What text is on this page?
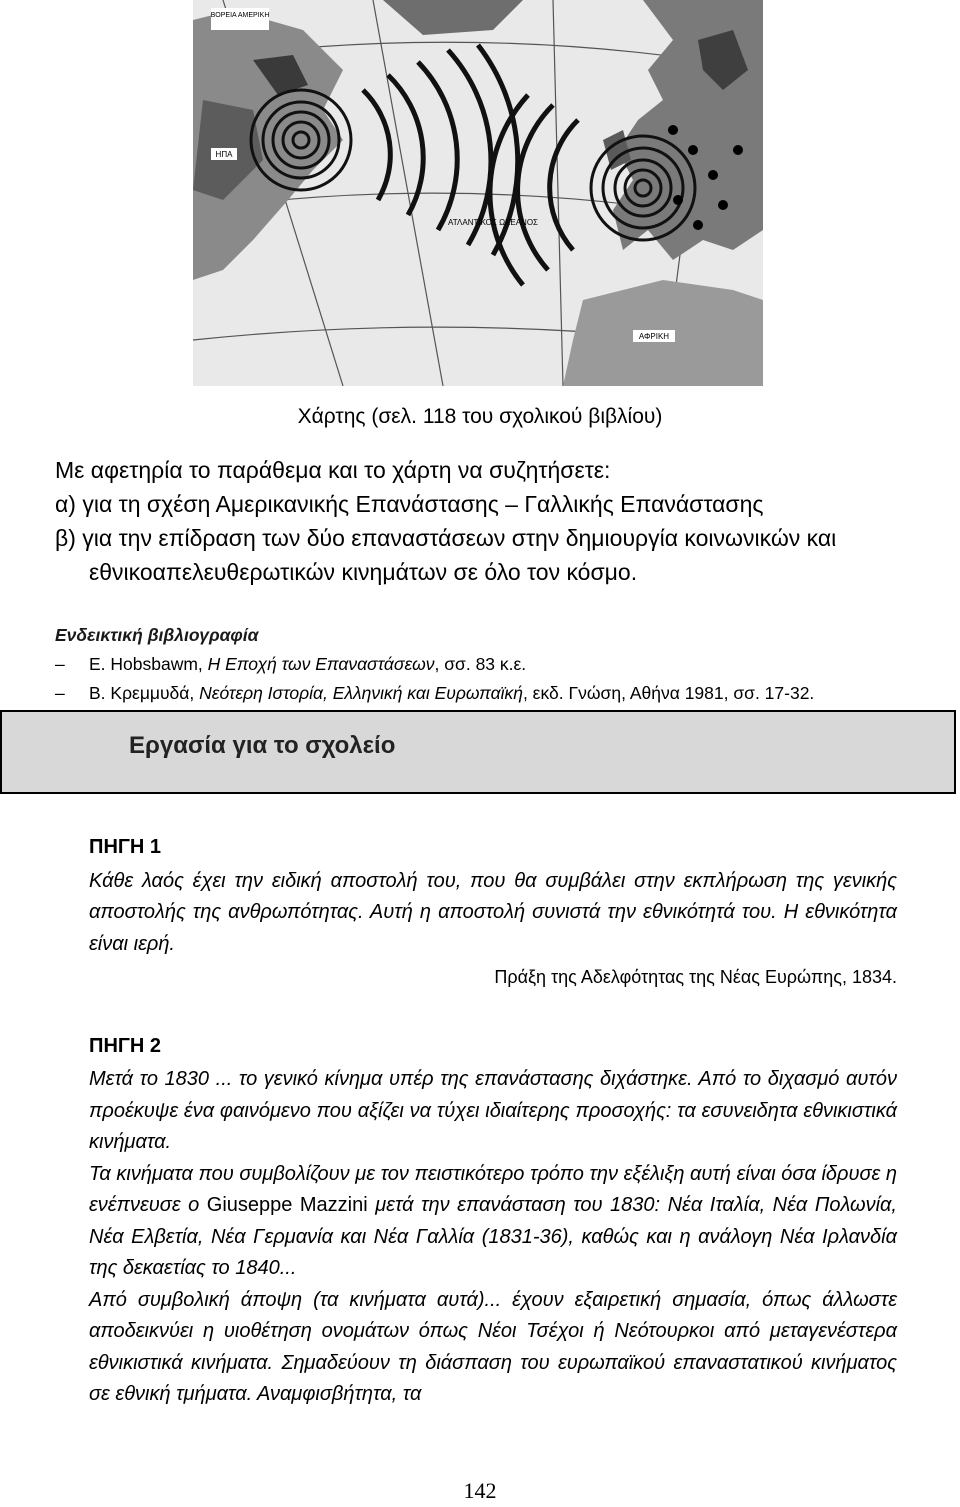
ΒΟΡΕΙΑ ΑΜΕΡΙΚΗ
ΗΠΑ
ΑΤΛΑΝΤΙΚΟΣ ΩΚΕΑΝΟΣ
ΑΦΡΙΚΗ
Χάρτης (σελ. 118 του σχολικού βιβλίου)
Με αφετηρία το παράθεμα και το χάρτη να συζητήσετε:
α) για τη σχέση Αμερικανικής Επανάστασης – Γαλλικής Επανάστασης
β) για την επίδραση των δύο επαναστάσεων στην δημιουργία κοινωνικών και
εθνικοαπελευθερωτικών κινημάτων σε όλο τον κόσμο.
Ενδεικτική βιβλιογραφία
– E. Hobsbawm, Η Εποχή των Επαναστάσεων, σσ. 83 κ.ε.
– Β. Κρεμμυδά, Νεότερη Ιστορία, Ελληνική και Ευρωπαϊκή, εκδ. Γνώση, Αθήνα 1981, σσ. 17-32.
Εργασία για το σχολείο
ΠΗΓΗ 1
Κάθε λαός έχει την ειδική αποστολή του, που θα συμβάλει στην εκπλήρωση της γενικής αποστολής της ανθρωπότητας. Αυτή η αποστολή συνιστά την εθνικότητά του. Η εθνικότητα είναι ιερή.
Πράξη της Αδελφότητας της Νέας Ευρώπης, 1834.
ΠΗΓΗ 2
Μετά το 1830 ... το γενικό κίνημα υπέρ της επανάστασης διχάστηκε. Από το διχασμό αυτόν προέκυψε ένα φαινόμενο που αξίζει να τύχει ιδιαίτερης προσοχής: τα εσυνειδητα εθνικιστικά κινήματα.
Τα κινήματα που συμβολίζουν με τον πειστικότερο τρόπο την εξέλιξη αυτή είναι όσα ίδρυσε η ενέπνευσε ο Giuseppe Mazzini μετά την επανάσταση του 1830: Νέα Ιταλία, Νέα Πολωνία, Νέα Ελβετία, Νέα Γερμανία και Νέα Γαλλία (1831-36), καθώς και η ανάλογη Νέα Ιρλανδία της δεκαετίας το 1840...
Από συμβολική άποψη (τα κινήματα αυτά)... έχουν εξαιρετική σημασία, όπως άλλωστε αποδεικνύει η υιοθέτηση ονομάτων όπως Νέοι Τσέχοι ή Νεότουρκοι από μεταγενέστερα εθνικιστικά κινήματα. Σημαδεύουν τη διάσπαση του ευρωπαϊκού επαναστατικού κινήματος σε εθνική τμήματα. Αναμφισβήτητα, τα
142
